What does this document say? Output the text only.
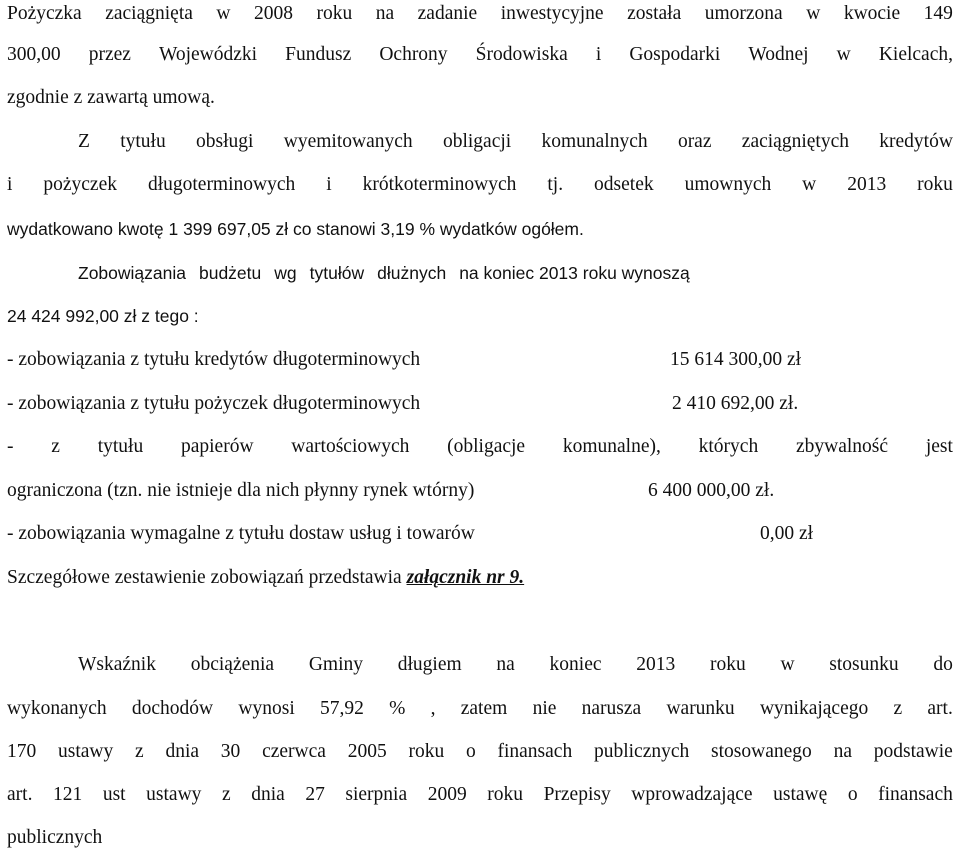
Pożyczka zaciągnięta w 2008 roku na zadanie inwestycyjne została umorzona w kwocie 149
300,00 przez Wojewódzki Fundusz Ochrony Środowiska i Gospodarki Wodnej w Kielcach,
zgodnie z zawartą umową.
Z tytułu obsługi wyemitowanych obligacji komunalnych oraz zaciągniętych kredytów
i pożyczek długoterminowych i krótkoterminowych tj. odsetek umownych w 2013 roku
wydatkowano kwotę 1 399 697,05 zł co stanowi 3,19 % wydatków ogółem.
Zobowiązania budżetu wg tytułów dłużnych na koniec 2013 roku wynoszą
24 424 992,00 zł z tego :
- zobowiązania z tytułu kredytów długoterminowych	15 614 300,00 zł
- zobowiązania z tytułu pożyczek długoterminowych	2 410 692,00 zł.
- z tytułu papierów wartościowych (obligacje komunalne), których zbywalność jest
ograniczona (tzn. nie istnieje dla nich płynny rynek wtórny)	6 400 000,00 zł.
- zobowiązania wymagalne z tytułu dostaw usług i towarów	0,00 zł
Szczegółowe zestawienie zobowiązań przedstawia załącznik nr 9.
Wskaźnik obciążenia Gminy długiem na koniec 2013 roku w stosunku do
wykonanych dochodów wynosi 57,92 % , zatem nie narusza warunku wynikającego z art.
170 ustawy z dnia 30 czerwca 2005 roku o finansach publicznych stosowanego na podstawie
art. 121 ust ustawy z dnia 27 sierpnia 2009 roku Przepisy wprowadzające ustawę o finansach
publicznych
